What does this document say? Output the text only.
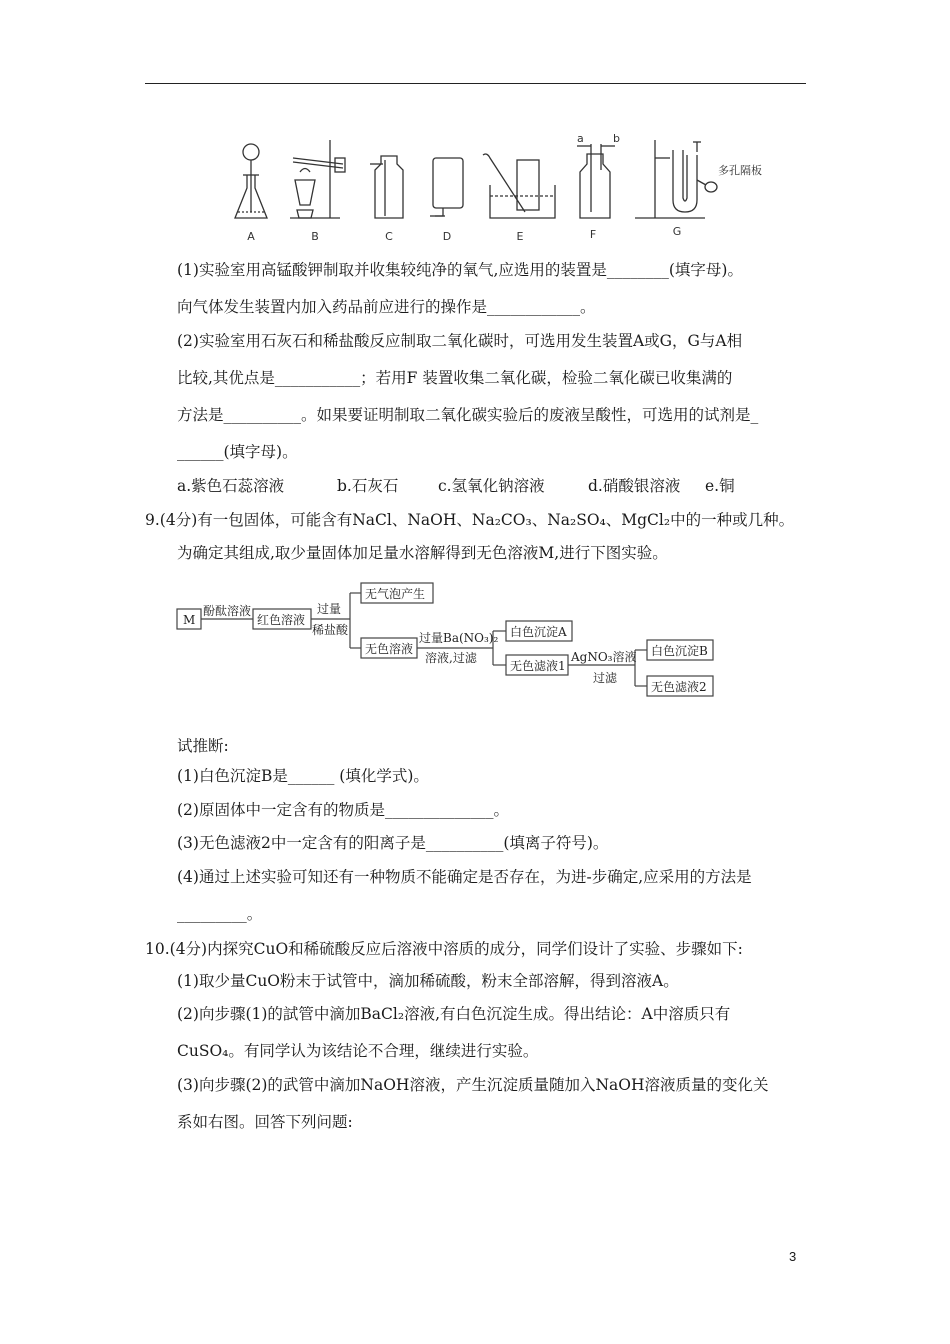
多孔隔板
a	b
A	B	C	D	E	F	G
(1)实验室用高锰酸钾制取并收集较纯净的氧气,应选用的装置是________(填字母)。
向气体发生装置内加入药品前应进行的操作是____________。
(2)实验室用石灰石和稀盐酸反应制取二氧化碳时，可选用发生装置A或G，G与A相
比较,其优点是___________；若用F 装置收集二氧化碳，检验二氧化碳已收集满的
方法是__________。如果要证明制取二氧化碳实验后的废液呈酸性，可选用的试剂是_
______(填字母)。
a.紫色石蕊溶液	b.石灰石	c.氢氧化钠溶液	d.硝酸银溶液 e.铜
9.(4分)有一包固体，可能含有NaCl、NaOH、Na₂CO₃、Na₂SO₄、MgCl₂中的一种或几种。
为确定其组成,取少量固体加足量水溶解得到无色溶液M,进行下图实验。
M
酚酞溶液
红色溶液
过量
稀盐酸
无气泡产生
无色溶液
过量Ba(NO₃)₂
溶液,过滤
白色沉淀A
无色滤液1
AgNO₃溶液
过滤
白色沉淀B
无色滤液2
试推断:
(1)白色沉淀B是______ (填化学式)。
(2)原固体中一定含有的物质是______________。
(3)无色滤液2中一定含有的阳离子是__________(填离子符号)。
(4)通过上述实验可知还有一种物质不能确定是否存在，为进-步确定,应采用的方法是
_________。
10.(4分)内探究CuO和稀硫酸反应后溶液中溶质的成分，同学们设计了实验、步骤如下:
(1)取少量CuO粉末于试管中，滴加稀硫酸，粉末全部溶解，得到溶液A。
(2)向步骤(1)的試管中滴加BaCl₂溶液,有白色沉淀生成。得出结论：A中溶质只有
CuSO₄。有同学认为该结论不合理，继续进行实验。
(3)向步骤(2)的武管中滴加NaOH溶液，产生沉淀质量随加入NaOH溶液质量的变化关
系如右图。回答下列问题:
3
